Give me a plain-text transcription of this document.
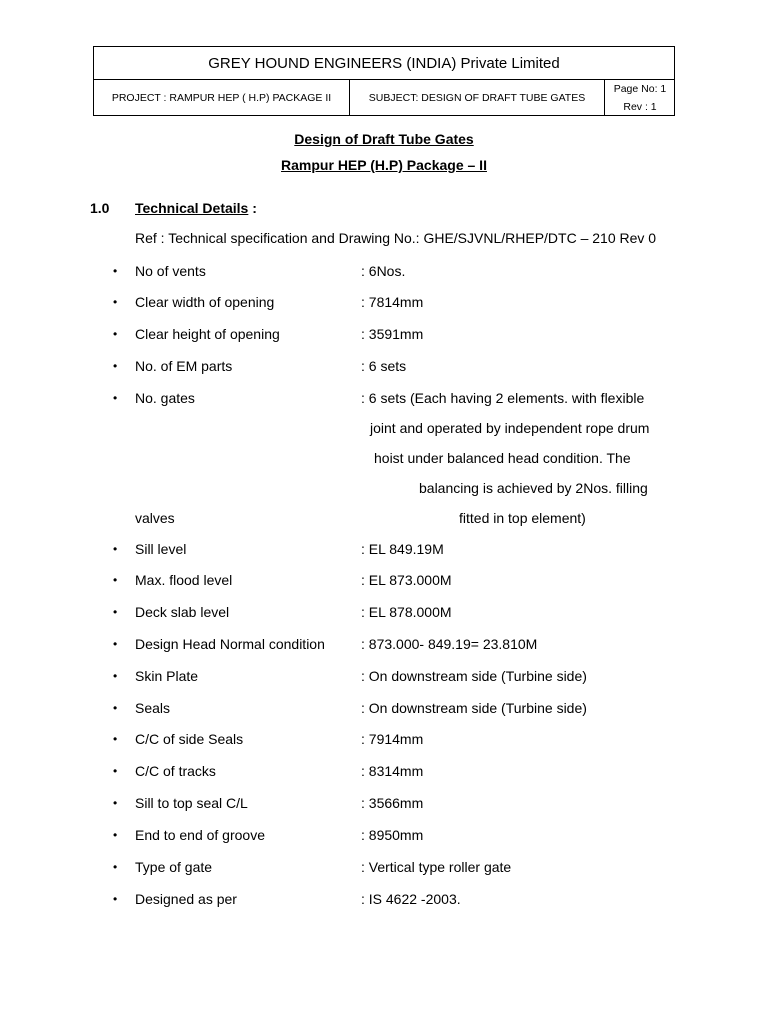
GREY HOUND ENGINEERS (INDIA) Private Limited
PROJECT : RAMPUR HEP ( H.P) PACKAGE II	SUBJECT: DESIGN OF DRAFT TUBE GATES
Page No: 1
Rev : 1
Design of Draft Tube Gates
Rampur HEP (H.P) Package – II
1.0 Technical Details :
Ref : Technical specification and Drawing No.: GHE/SJVNL/RHEP/DTC – 210 Rev 0
• No of vents	: 6Nos.
• Clear width of opening	: 7814mm
• Clear height of opening	: 3591mm
• No. of EM parts	: 6 sets
• No. gates	: 6 sets (Each having 2 elements. with flexible
joint and operated by independent rope drum
hoist under balanced head condition. The
balancing is achieved by 2Nos. filling
valves	fitted in top element)
• Sill level	: EL 849.19M
• Max. flood level	: EL 873.000M
• Deck slab level	: EL 878.000M
• Design Head Normal condition	: 873.000- 849.19= 23.810M
• Skin Plate	: On downstream side (Turbine side)
• Seals	: On downstream side (Turbine side)
• C/C of side Seals	: 7914mm
• C/C of tracks	: 8314mm
• Sill to top seal C/L	: 3566mm
• End to end of groove	: 8950mm
• Type of gate	: Vertical type roller gate
• Designed as per	: IS 4622 -2003.
